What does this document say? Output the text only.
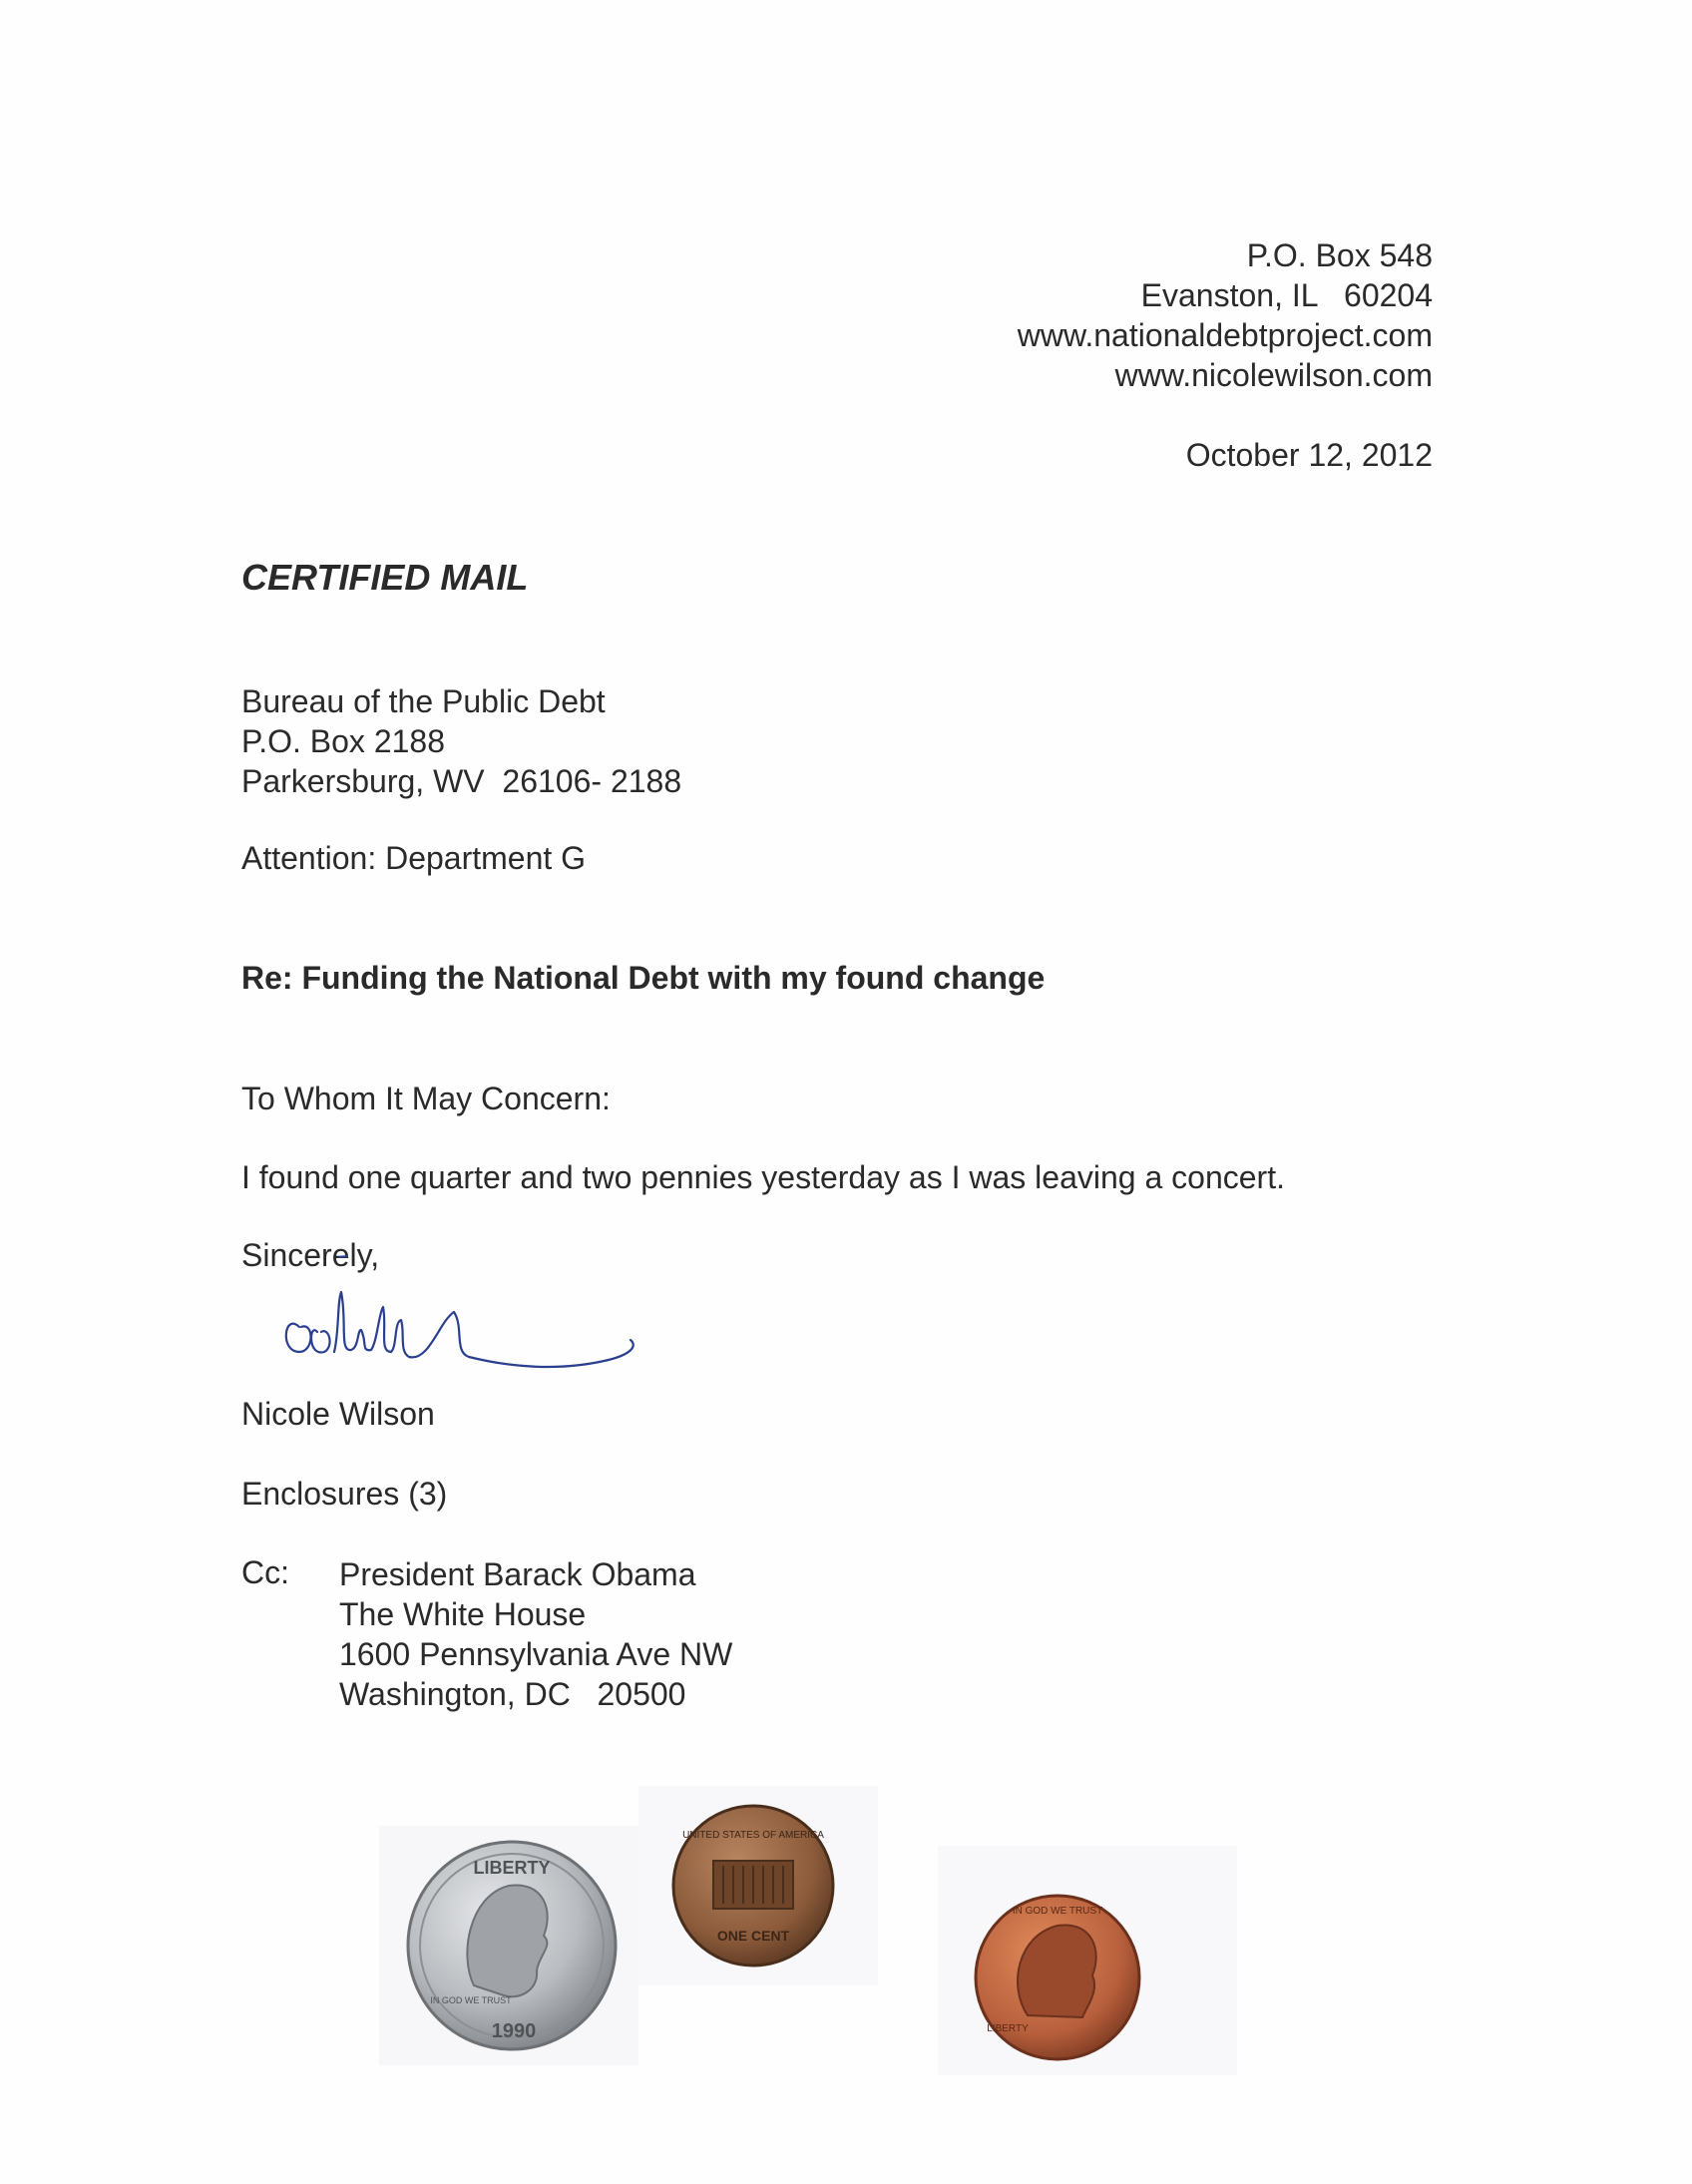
P.O. Box 548
Evanston, IL   60204
www.nationaldebtproject.com
www.nicolewilson.com
October 12, 2012
CERTIFIED MAIL
Bureau of the Public Debt
P.O. Box 2188
Parkersburg, WV  26106- 2188
Attention: Department G
Re: Funding the National Debt with my found change
To Whom It May Concern:
I found one quarter and two pennies yesterday as I was leaving a concert.
Sincerely,
Nicole Wilson
Enclosures (3)
Cc: President Barack Obama
The White House
1600 Pennsylvania Ave NW
Washington, DC   20500
LIBERTY
IN GOD WE TRUST
1990
UNITED STATES OF AMERICA
ONE CENT
IN GOD WE TRUST
LIBERTY
